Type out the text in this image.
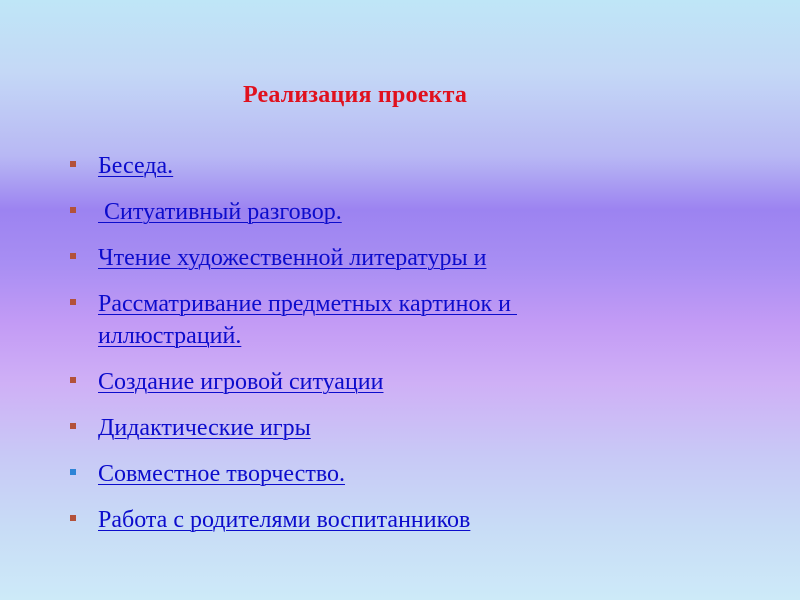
Реализация проекта
Беседа.
Ситуативный разговор.
Чтение художественной литературы и
Рассматривание предметных картинок и иллюстраций.
Создание игровой ситуации
Дидактические игры
Совместное творчество.
Работа с родителями воспитанников
